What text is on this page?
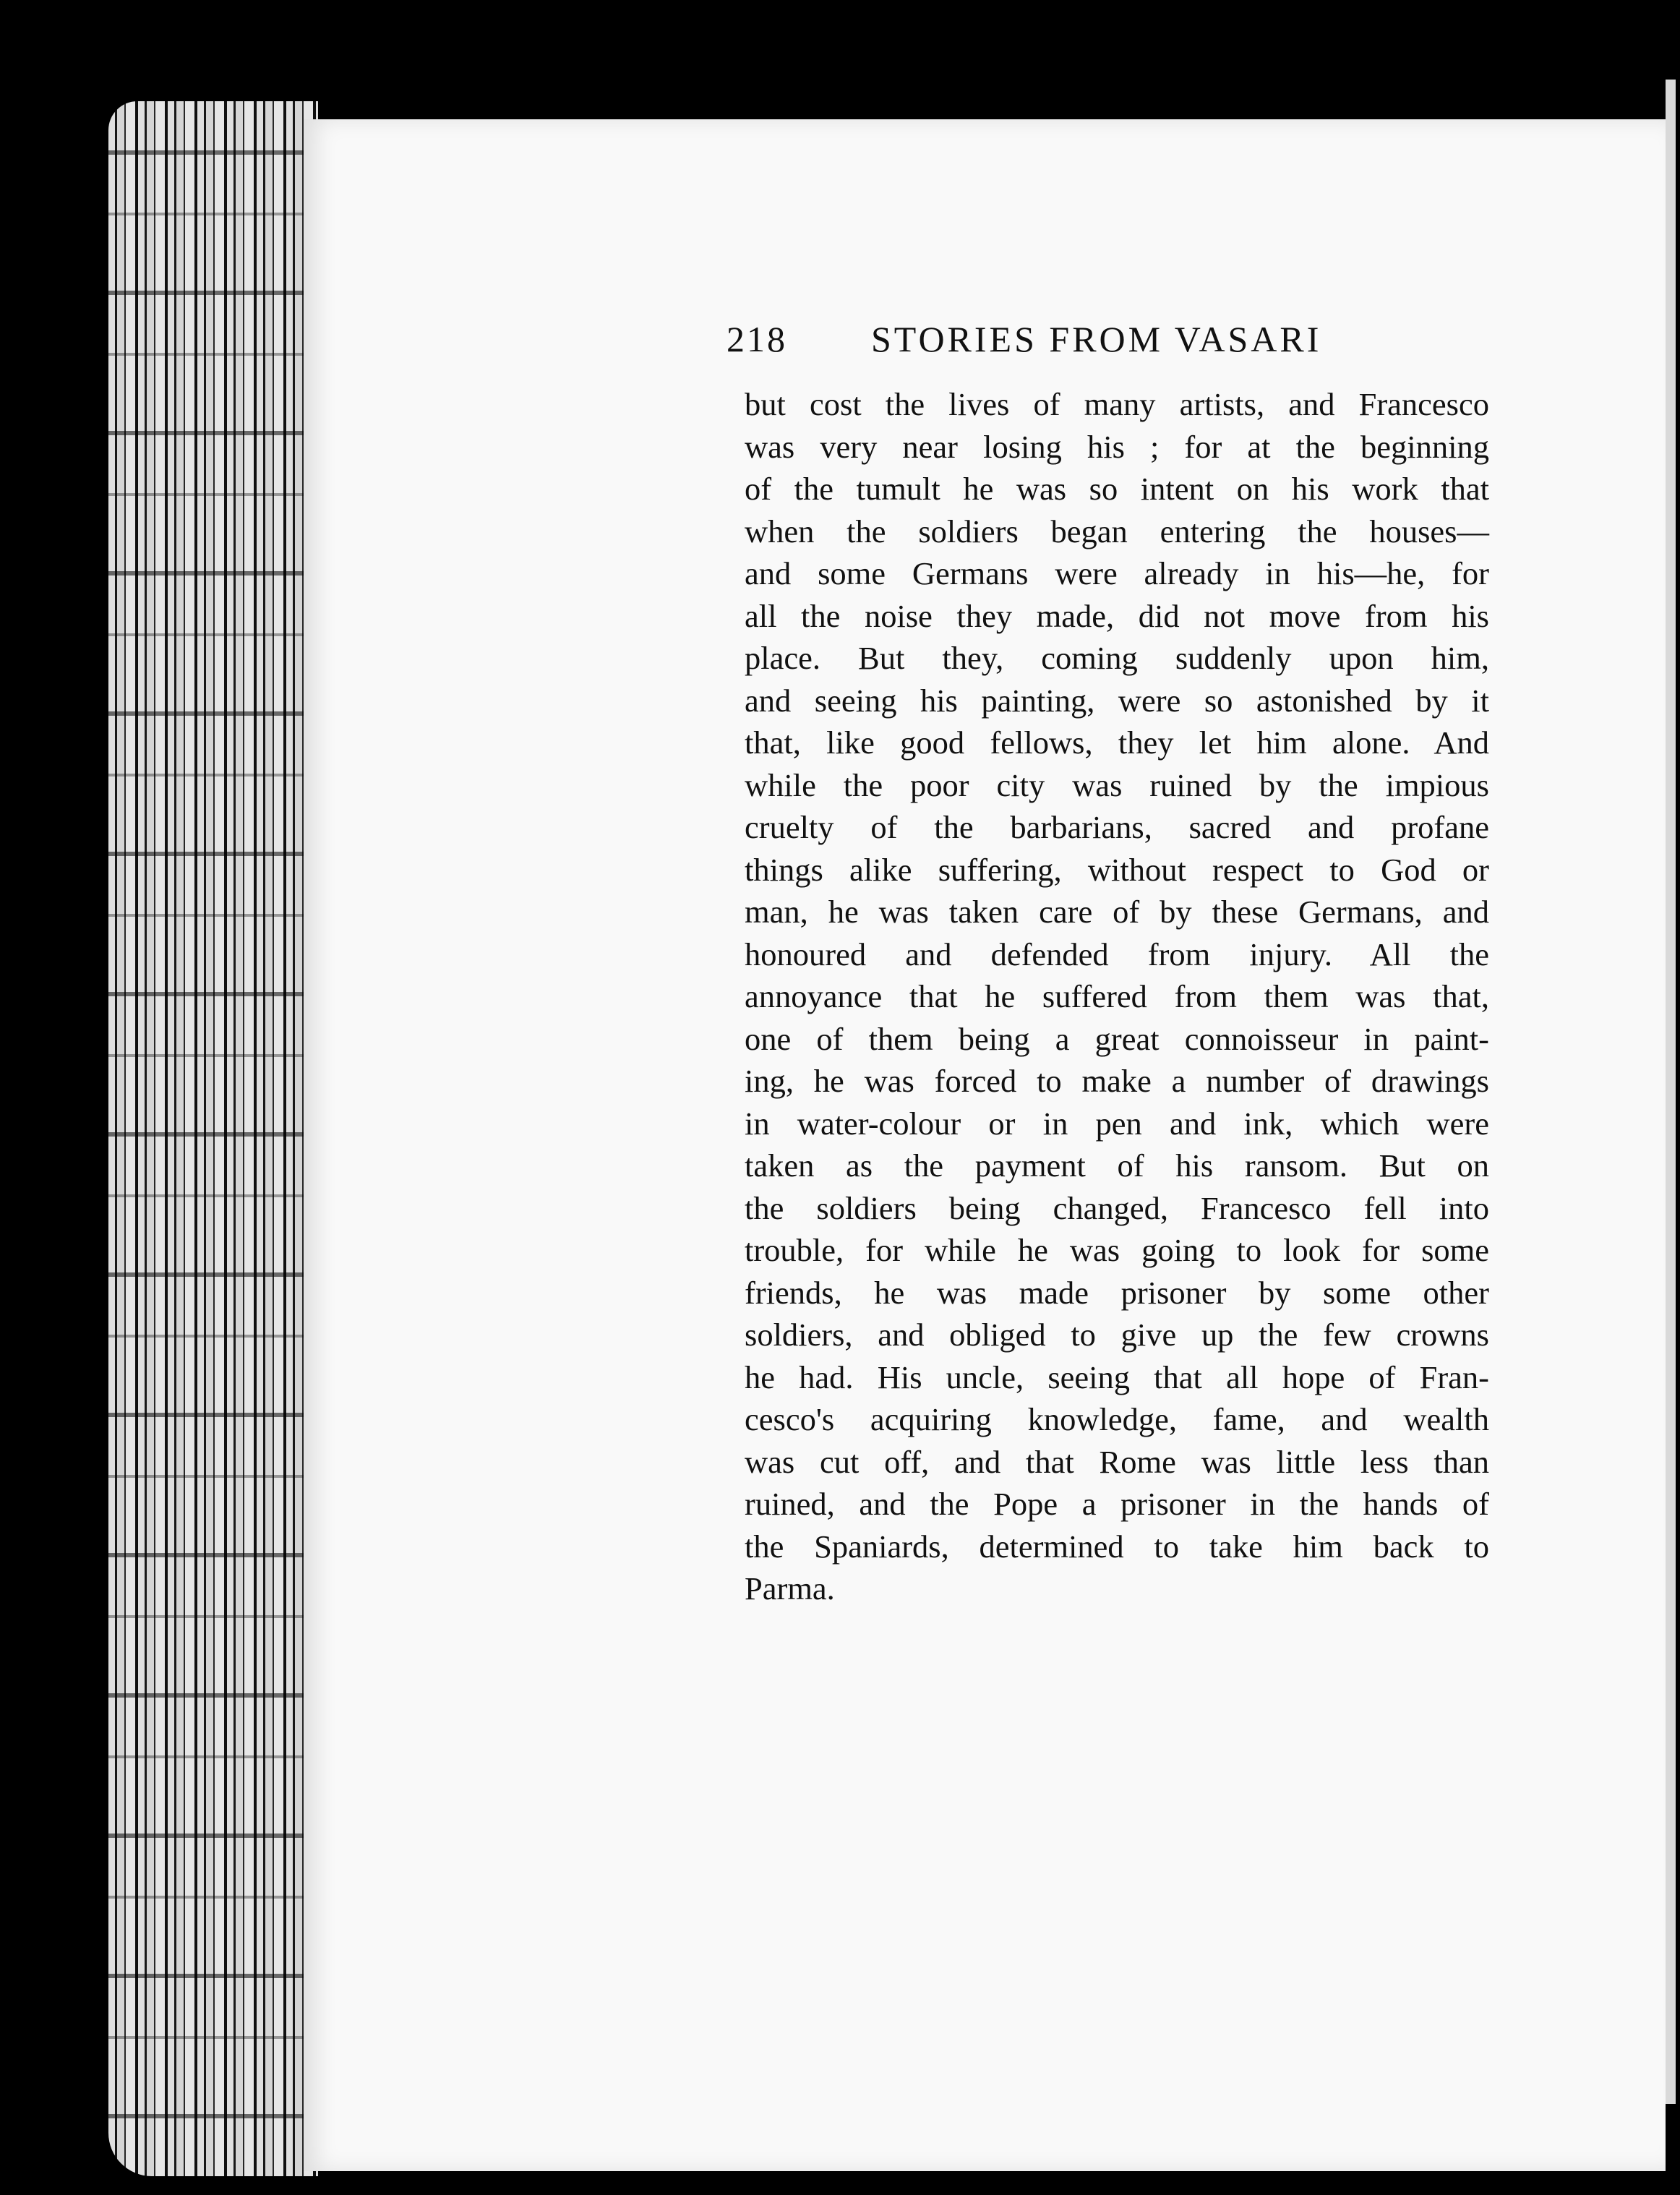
218 STORIES FROM VASARI
but cost the lives of many artists, and Francesco
was very near losing his ; for at the beginning
of the tumult he was so intent on his work that
when the soldiers began entering the houses—
and some Germans were already in his—he, for
all the noise they made, did not move from his
place. But they, coming suddenly upon him,
and seeing his painting, were so astonished by it
that, like good fellows, they let him alone. And
while the poor city was ruined by the impious
cruelty of the barbarians, sacred and profane
things alike suffering, without respect to God or
man, he was taken care of by these Germans, and
honoured and defended from injury. All the
annoyance that he suffered from them was that,
one of them being a great connoisseur in paint-
ing, he was forced to make a number of drawings
in water-colour or in pen and ink, which were
taken as the payment of his ransom. But on
the soldiers being changed, Francesco fell into
trouble, for while he was going to look for some
friends, he was made prisoner by some other
soldiers, and obliged to give up the few crowns
he had. His uncle, seeing that all hope of Fran-
cesco's acquiring knowledge, fame, and wealth
was cut off, and that Rome was little less than
ruined, and the Pope a prisoner in the hands of
the Spaniards, determined to take him back to
Parma.
